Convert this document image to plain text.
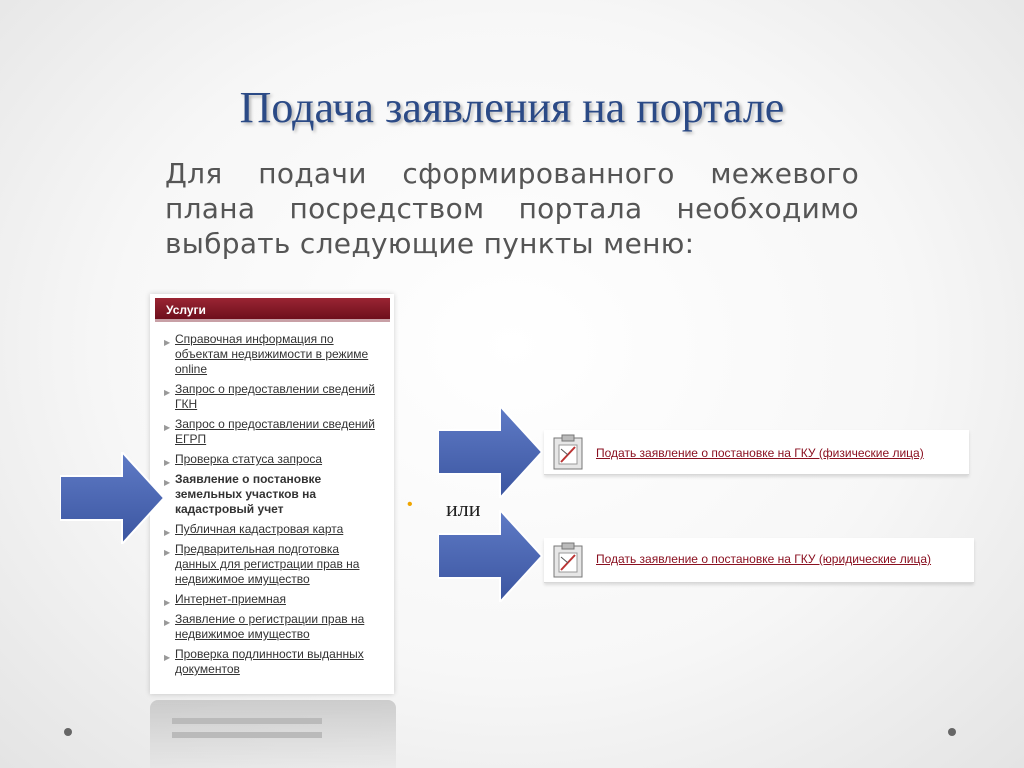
Подача заявления на портале
Для подачи сформированного межевого плана посредством портала необходимо выбрать следующие пункты меню:
Услуги
▶ Справочная информация по объектам недвижимости в режиме online
▶ Запрос о предоставлении сведений ГКН
▶ Запрос о предоставлении сведений ЕГРП
▶ Проверка статуса запроса
▶ Заявление о постановке земельных участков на кадастровый учет
▶ Публичная кадастровая карта
▶ Предварительная подготовка данных для регистрации прав на недвижимое имущество
▶ Интернет-приемная
▶ Заявление о регистрации прав на недвижимое имущество
▶ Проверка подлинности выданных документов
Подать заявление о постановке на ГКУ (физические лица)
• или
Подать заявление о постановке на ГКУ (юридические лица)
